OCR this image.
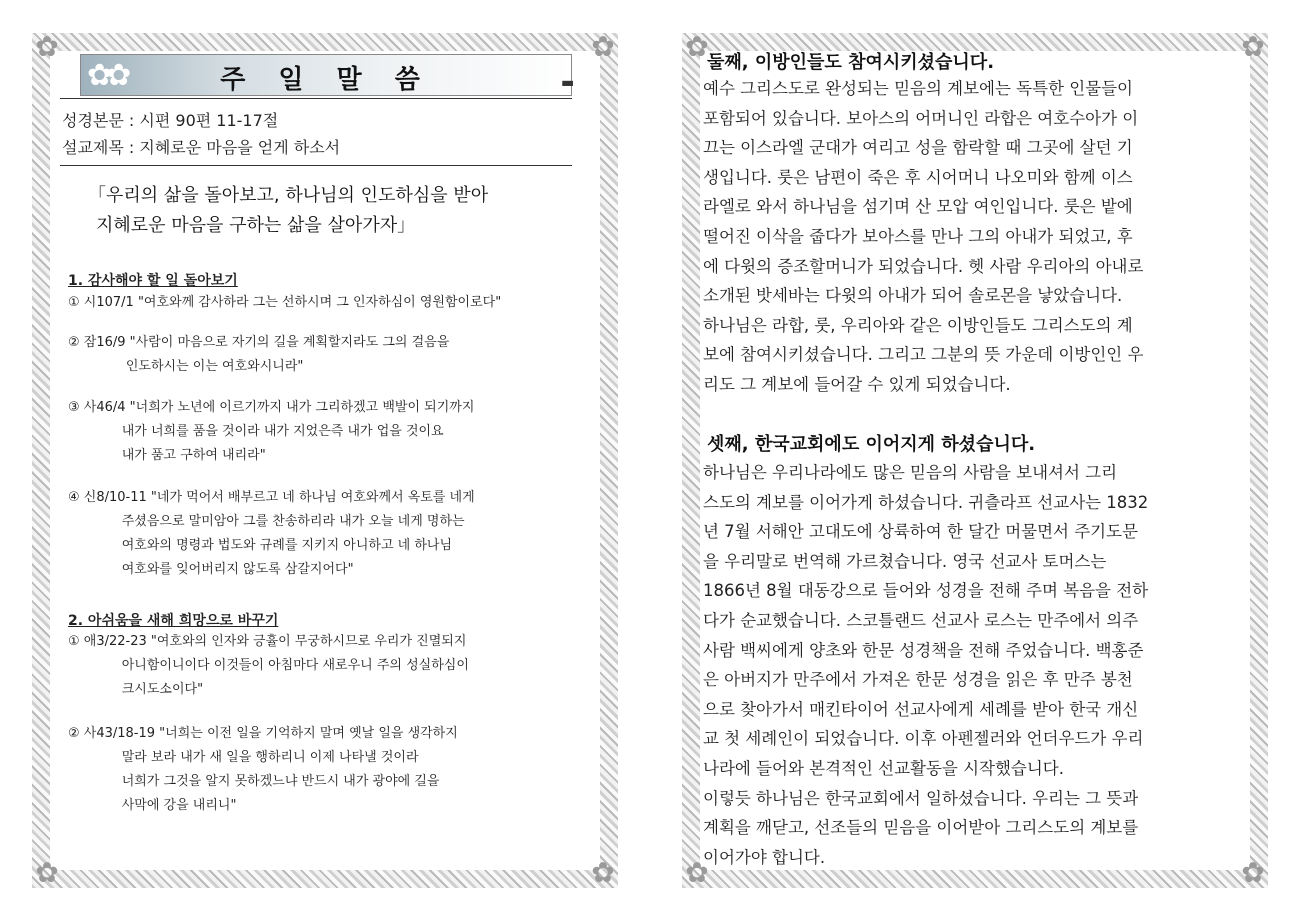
✿	✿
✿	✿
✿✿	주 일 말 씀	▬
성경본문 : 시편 90편 11-17절
설교제목 : 지혜로운 마음을 얻게 하소서
「우리의 삶을 돌아보고, 하나님의 인도하심을 받아
지혜로운 마음을 구하는 삶을 살아가자」
1. 감사해야 할 일 돌아보기
① 시107/1 "여호와께 감사하라 그는 선하시며 그 인자하심이 영원함이로다"
② 잠16/9 "사람이 마음으로 자기의 길을 계획할지라도 그의 걸음을
인도하시는 이는 여호와시니라"
③ 사46/4 "너희가 노년에 이르기까지 내가 그리하겠고 백발이 되기까지
내가 너희를 품을 것이라 내가 지었은즉 내가 업을 것이요
내가 품고 구하여 내리라"
④ 신8/10-11 "네가 먹어서 배부르고 네 하나님 여호와께서 옥토를 네게
주셨음으로 말미암아 그를 찬송하리라 내가 오늘 네게 명하는
여호와의 명령과 법도와 규례를 지키지 아니하고 네 하나님
여호와를 잊어버리지 않도록 삼갈지어다"
2. 아쉬움을 새해 희망으로 바꾸기
① 애3/22-23 "여호와의 인자와 긍휼이 무궁하시므로 우리가 진멸되지
아니함이니이다 이것들이 아침마다 새로우니 주의 성실하심이
크시도소이다"
② 사43/18-19 "너희는 이전 일을 기억하지 말며 옛날 일을 생각하지
말라 보라 내가 새 일을 행하리니 이제 나타낼 것이라
너희가 그것을 알지 못하겠느냐 반드시 내가 광야에 길을
사막에 강을 내리니"
✿	✿
✿	✿
둘째, 이방인들도 참여시키셨습니다.
예수 그리스도로 완성되는 믿음의 계보에는 독특한 인물들이
포함되어 있습니다. 보아스의 어머니인 라합은 여호수아가 이
끄는 이스라엘 군대가 여리고 성을 함락할 때 그곳에 살던 기
생입니다. 룻은 남편이 죽은 후 시어머니 나오미와 함께 이스
라엘로 와서 하나님을 섬기며 산 모압 여인입니다. 룻은 밭에
떨어진 이삭을 줍다가 보아스를 만나 그의 아내가 되었고, 후
에 다윗의 증조할머니가 되었습니다. 헷 사람 우리아의 아내로
소개된 밧세바는 다윗의 아내가 되어 솔로몬을 낳았습니다.
하나님은 라합, 룻, 우리아와 같은 이방인들도 그리스도의 계
보에 참여시키셨습니다. 그리고 그분의 뜻 가운데 이방인인 우
리도 그 계보에 들어갈 수 있게 되었습니다.
셋째, 한국교회에도 이어지게 하셨습니다.
하나님은 우리나라에도 많은 믿음의 사람을 보내셔서 그리
스도의 계보를 이어가게 하셨습니다. 귀츨라프 선교사는 1832
년 7월 서해안 고대도에 상륙하여 한 달간 머물면서 주기도문
을 우리말로 번역해 가르쳤습니다. 영국 선교사 토머스는
1866년 8월 대동강으로 들어와 성경을 전해 주며 복음을 전하
다가 순교했습니다. 스코틀랜드 선교사 로스는 만주에서 의주
사람 백씨에게 양초와 한문 성경책을 전해 주었습니다. 백홍준
은 아버지가 만주에서 가져온 한문 성경을 읽은 후 만주 봉천
으로 찾아가서 매킨타이어 선교사에게 세례를 받아 한국 개신
교 첫 세례인이 되었습니다. 이후 아펜젤러와 언더우드가 우리
나라에 들어와 본격적인 선교활동을 시작했습니다.
이렇듯 하나님은 한국교회에서 일하셨습니다. 우리는 그 뜻과
계획을 깨닫고, 선조들의 믿음을 이어받아 그리스도의 계보를
이어가야 합니다.
